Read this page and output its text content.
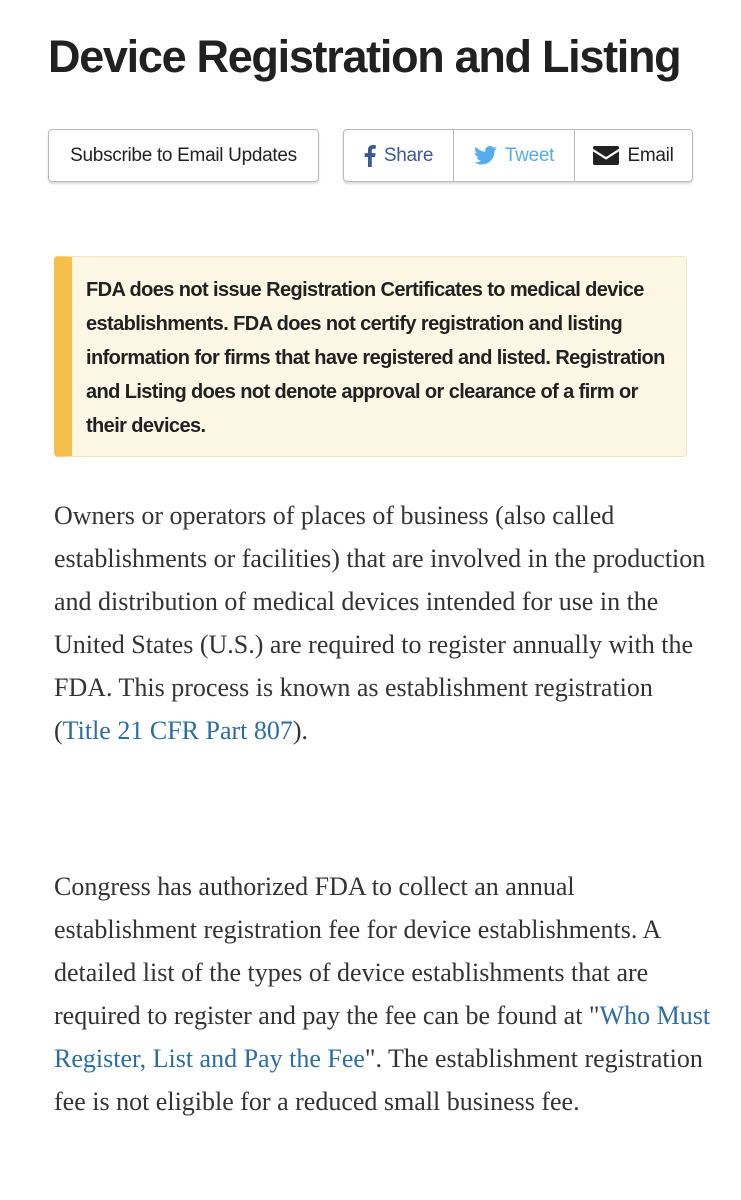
Device Registration and Listing
Subscribe to Email Updates	Share	Tweet	Email

FDA does not issue Registration Certificates to medical device establishments. FDA does not certify registration and listing information for firms that have registered and listed. Registration and Listing does not denote approval or clearance of a firm or their devices.

Owners or operators of places of business (also called establishments or facilities) that are involved in the production and distribution of medical devices intended for use in the United States (U.S.) are required to register annually with the FDA. This process is known as establishment registration (Title 21 CFR Part 807).

Congress has authorized FDA to collect an annual establishment registration fee for device establishments. A detailed list of the types of device establishments that are required to register and pay the fee can be found at "Who Must Register, List and Pay the Fee". The establishment registration fee is not eligible for a reduced small business fee.
